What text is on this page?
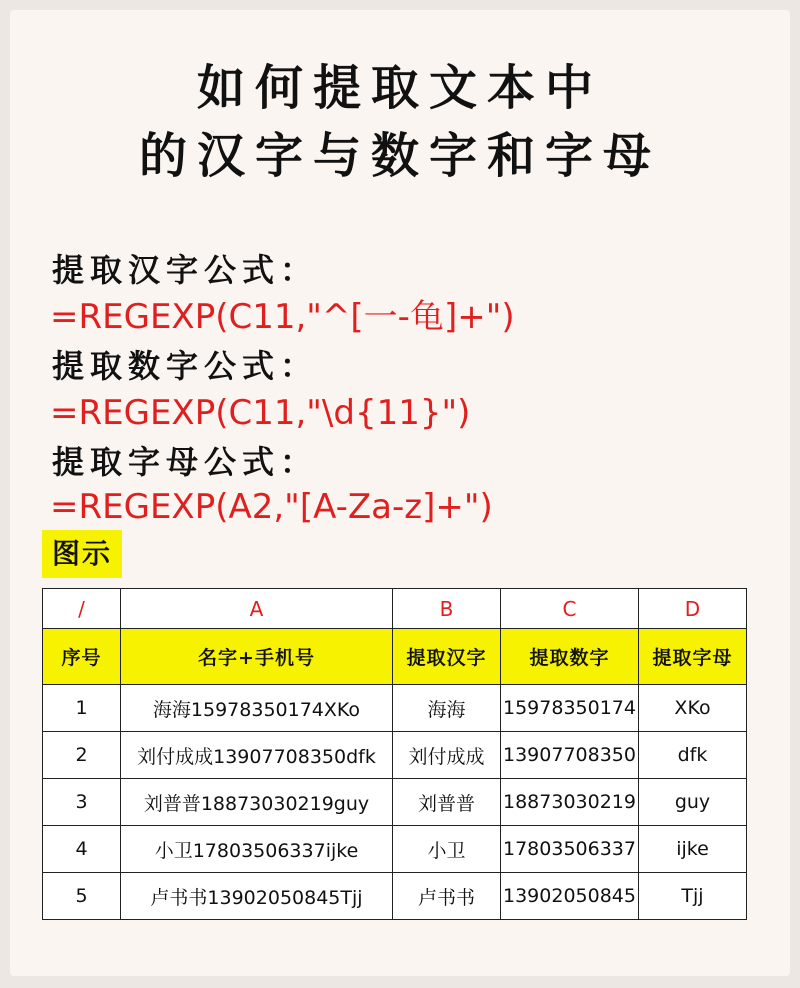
如何提取文本中
的汉字与数字和字母
提取汉字公式：
=REGEXP(C11,"^[一-龟]+")
提取数字公式：
=REGEXP(C11,"\d{11}")
提取字母公式：
=REGEXP(A2,"[A-Za-z]+")
图示
/	A	B	C	D
序号	名字+手机号	提取汉字	提取数字	提取字母
1	海海15978350174XKo	海海	15978350174	XKo
2	刘付成成13907708350dfk	刘付成成	13907708350	dfk
3	刘普普18873030219guy	刘普普	18873030219	guy
4	小卫17803506337ijke	小卫	17803506337	ijke
5	卢书书13902050845Tjj	卢书书	13902050845	Tjj
